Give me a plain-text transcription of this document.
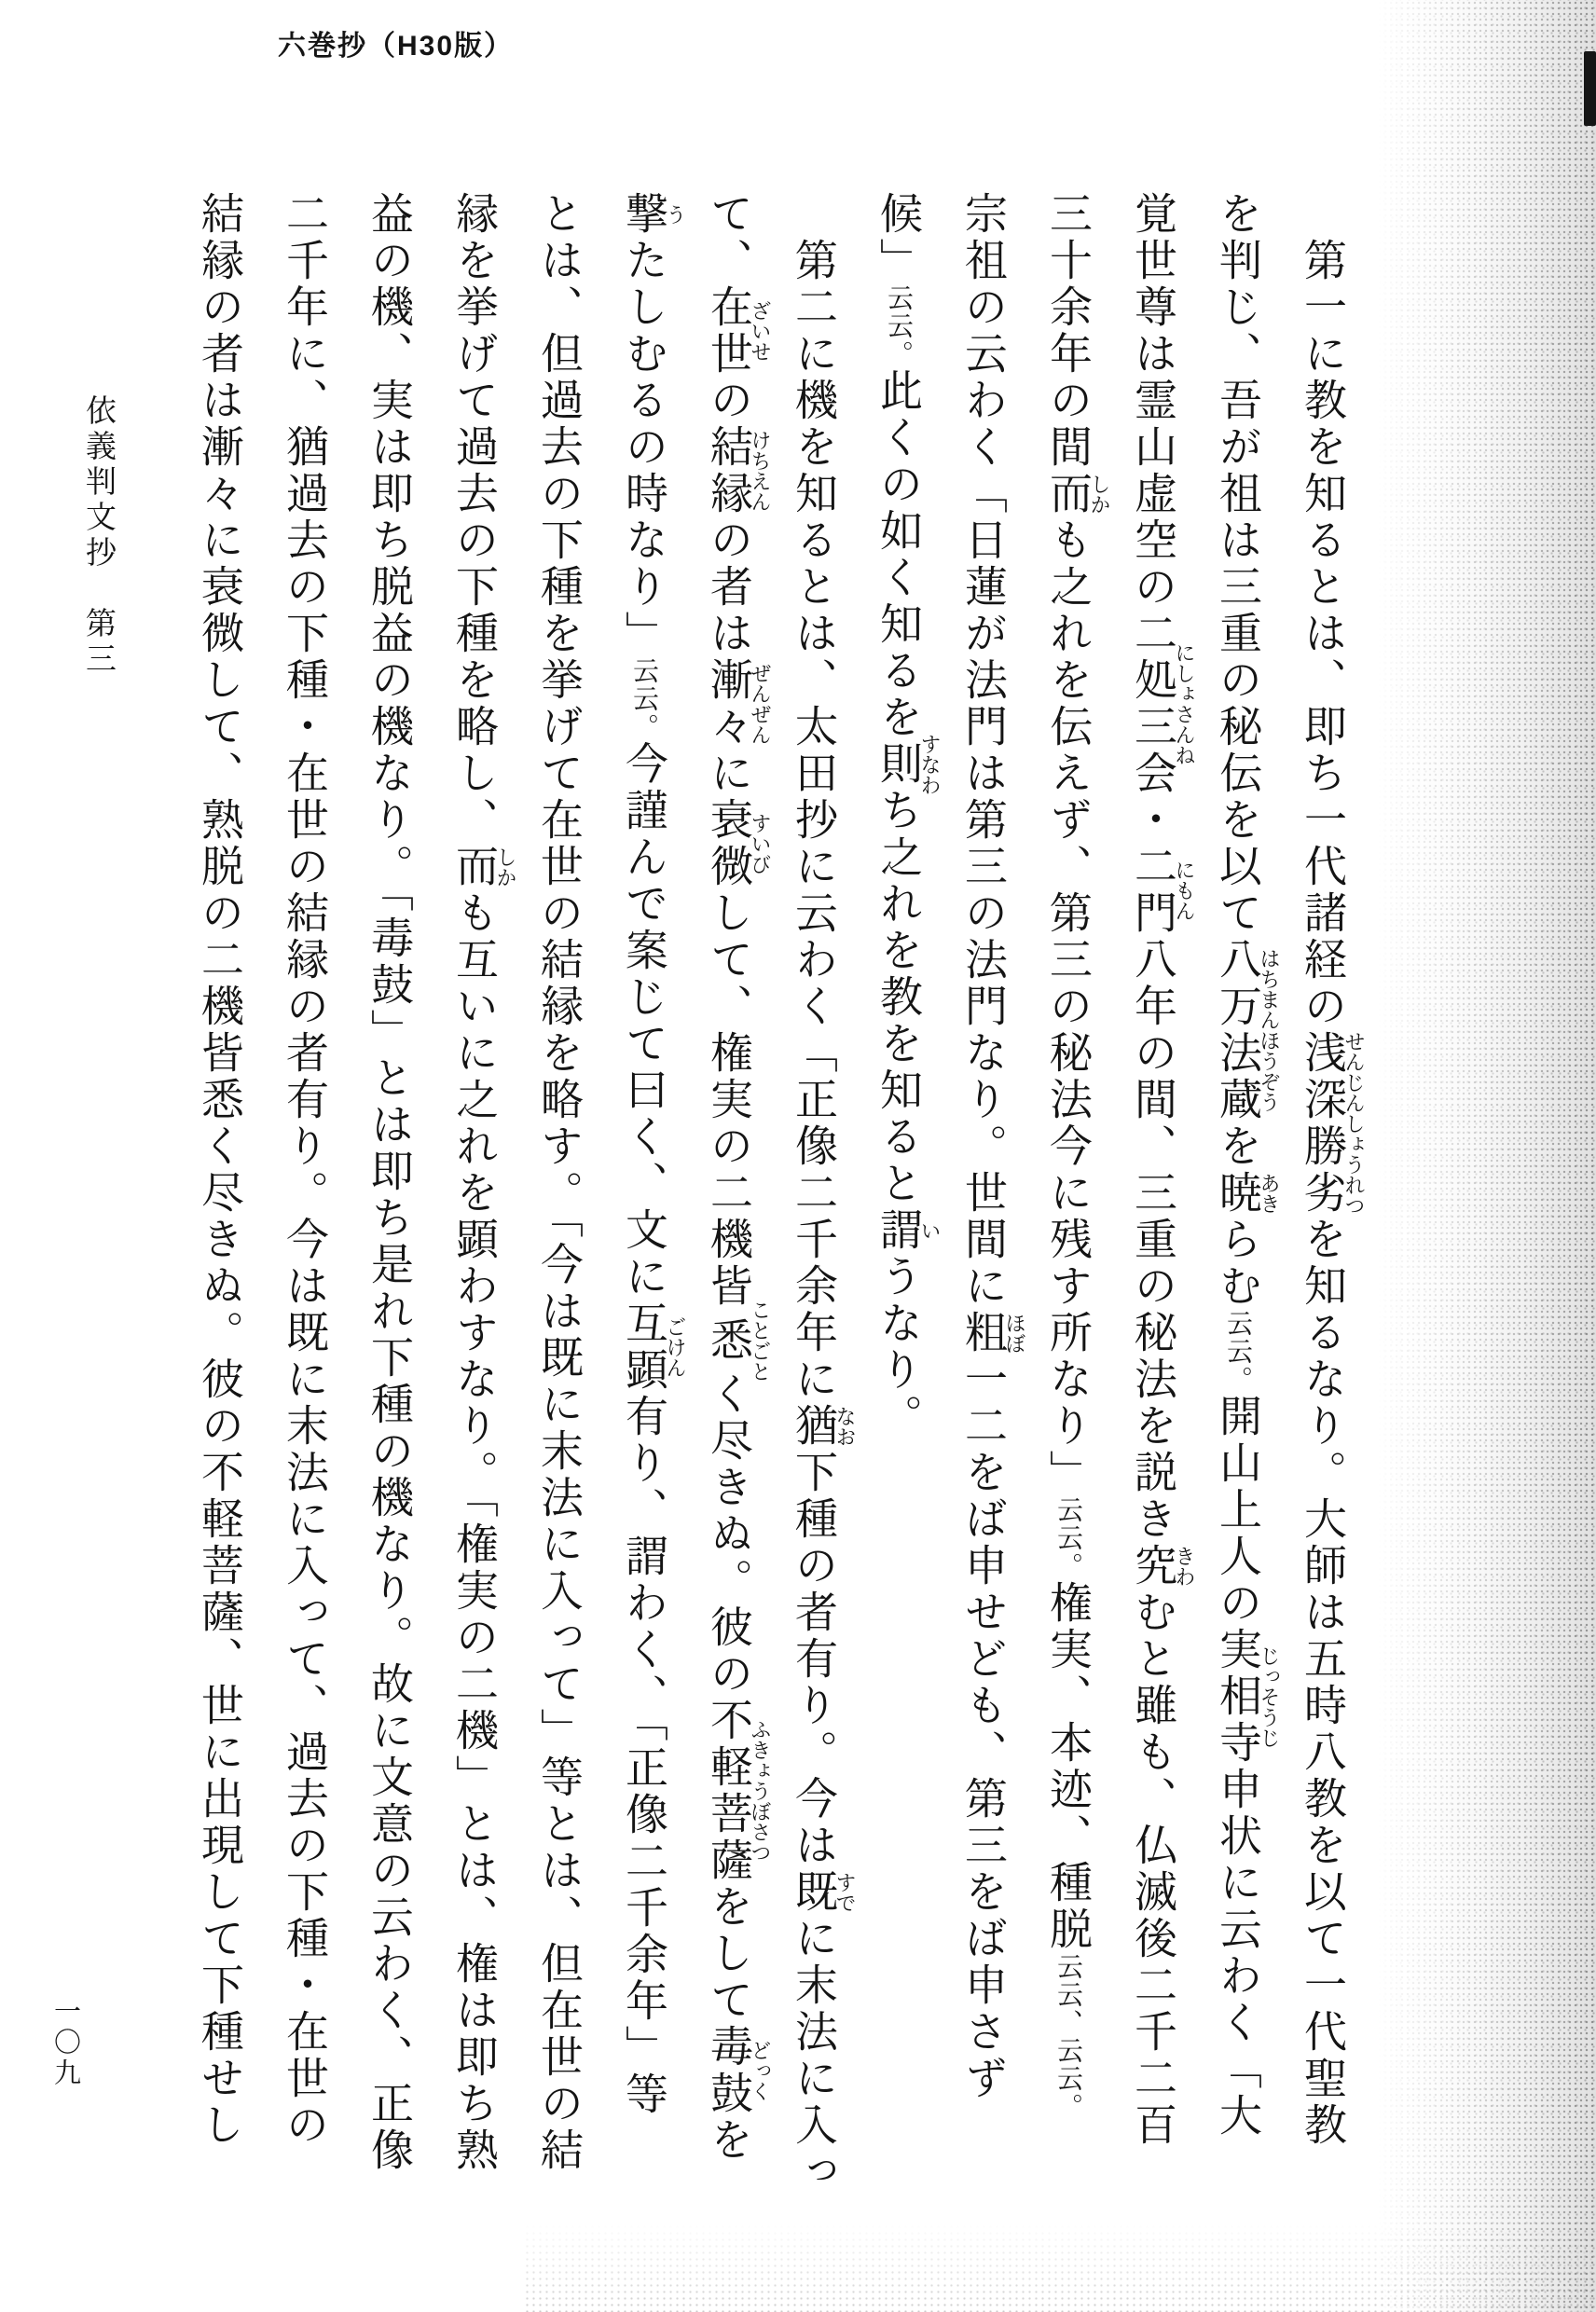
六巻抄（H30版）
依義判文抄　第三	第一に教を知るとは、即ち一代諸経の浅深勝劣せんじんしょうれつを知るなり。大師は五時八教を以て一代聖教

を判じ、吾が祖は三重の秘伝を以て八万法蔵はちまんほうぞうを暁あきらむ云云。開山上人の実相寺じっそうじ申状に云わく「大

覚世尊は霊山虚空の二処三会にしょさんね・二門にもん八年の間、三重の秘法を説き究きわむと雖も、仏滅後二千二百

三十余年の間而しかも之れを伝えず、第三の秘法今に残す所なり」云云。権実、本迹、種脱云云、云云。

宗祖の云わく「日蓮が法門は第三の法門なり。世間に粗ほぼ一二をば申せども、第三をば申さず

候」云云。此くの如く知るを則すなわち之れを教を知ると謂いうなり。

第二に機を知るとは、太田抄に云わく「正像二千余年に猶なお下種の者有り。今は既すでに末法に入っ

て、在世ざいせの結縁けちえんの者は漸々ぜんぜんに衰微すいびして、権実の二機皆悉ことごとく尽きぬ。彼の不軽菩薩ふきょうぼさつをして毒鼓どっくを

撃うたしむるの時なり」云云。今謹んで案じて曰く、文に互顕ごけん有り、謂わく、「正像二千余年」等

とは、但過去の下種を挙げて在世の結縁を略す。「今は既に末法に入って」等とは、但在世の結

縁を挙げて過去の下種を略し、而しかも互いに之れを顕わすなり。「権実の二機」とは、権は即ち熟

益の機、実は即ち脱益の機なり。「毒鼓」とは即ち是れ下種の機なり。故に文意の云わく、正像

二千年に、猶過去の下種・在世の結縁の者有り。今は既に末法に入って、過去の下種・在世の

結縁の者は漸々に衰微して、熟脱の二機皆悉く尽きぬ。彼の不軽菩薩、世に出現して下種せし

一〇九
